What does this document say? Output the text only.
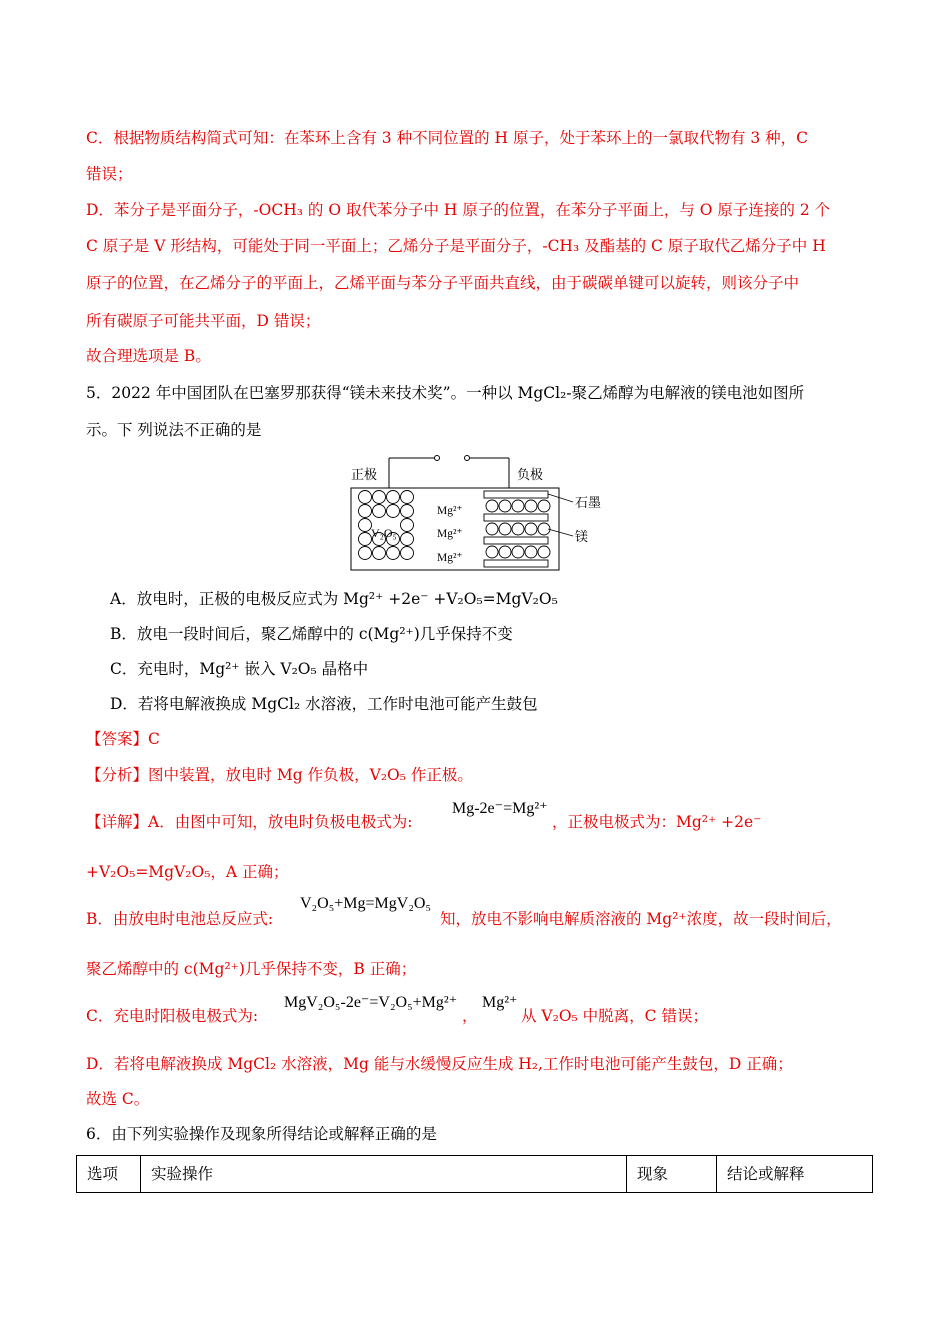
C．根据物质结构简式可知：在苯环上含有 3 种不同位置的 H 原子，处于苯环上的一氯取代物有 3 种，C
错误；
D．苯分子是平面分子，-OCH₃ 的 O 取代苯分子中 H 原子的位置，在苯分子平面上，与 O 原子连接的 2 个
C 原子是 V 形结构，可能处于同一平面上；乙烯分子是平面分子，-CH₃ 及酯基的 C 原子取代乙烯分子中 H
原子的位置，在乙烯分子的平面上，乙烯平面与苯分子平面共直线，由于碳碳单键可以旋转，则该分子中
所有碳原子可能共平面，D 错误；
故合理选项是 B。
5．2022 年中国团队在巴塞罗那获得“镁未来技术奖”。一种以 MgCl₂-聚乙烯醇为电解液的镁电池如图所
示。下 列说法不正确的是
正极	负极
石墨
镁
V₂O₅
Mg²⁺
Mg²⁺
Mg²⁺
A．放电时，正极的电极反应式为 Mg²⁺ +2e⁻ +V₂O₅=MgV₂O₅
B．放电一段时间后，聚乙烯醇中的 c(Mg²⁺)几乎保持不变
C．充电时，Mg²⁺ 嵌入 V₂O₅ 晶格中
D．若将电解液换成 MgCl₂ 水溶液，工作时电池可能产生鼓包
【答案】C
【分析】图中装置，放电时 Mg 作负极，V₂O₅ 作正极。
【详解】A．由图中可知，放电时负极电极式为:
Mg-2e⁻=Mg²⁺
，正极电极式为：Mg²⁺ +2e⁻
+V₂O₅=MgV₂O₅，A 正确；
B．由放电时电池总反应式:
V₂O₅+Mg=MgV₂O₅
知，放电不影响电解质溶液的 Mg²⁺浓度，故一段时间后，
聚乙烯醇中的 c(Mg²⁺)几乎保持不变，B 正确；
C．充电时阳极电极式为:
MgV₂O₅-2e⁻=V₂O₅+Mg²⁺
，
Mg²⁺
从 V₂O₅ 中脱离，C 错误；
D．若将电解液换成 MgCl₂ 水溶液，Mg 能与水缓慢反应生成 H₂,工作时电池可能产生鼓包，D 正确；
故选 C。
6．由下列实验操作及现象所得结论或解释正确的是
选项	实验操作	现象	结论或解释
